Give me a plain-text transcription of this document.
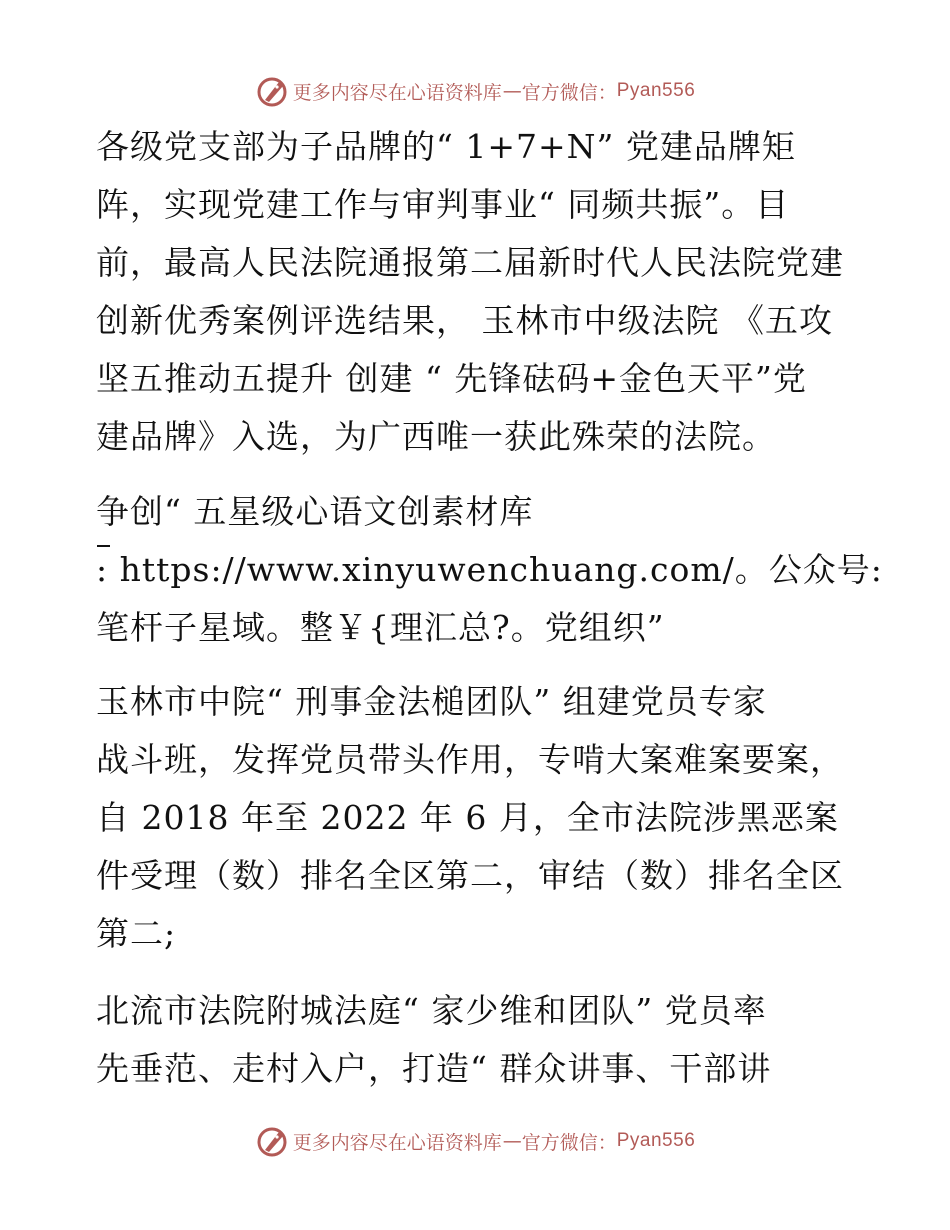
更多内容尽在心语资料库 — 官方微信： Pyan556
各级党支部为子品牌的“ 1+7+N” 党建品牌矩
阵，实现党建工作与审判事业“ 同频共振”。目
前，最高人民法院通报第二届新时代人民法院党建
创新优秀案例评选结果， 玉林市中级法院 《五攻
坚五推动五提升 创建 “ 先锋砝码+金色天平”党
建品牌》入选，为广西唯一获此殊荣的法院。
争创“ 五星级心语文创素材库
: https://www.xinyuwenchuang.com/。公众号:
笔杆子星域。整￥{理汇总?。党组织”
玉林市中院“ 刑事金法槌团队” 组建党员专家
战斗班，发挥党员带头作用，专啃大案难案要案，
自 2018 年至 2022 年 6 月，全市法院涉黑恶案
件受理（数）排名全区第二，审结（数）排名全区
第二;
北流市法院附城法庭“ 家少维和团队” 党员率
先垂范、走村入户，打造“ 群众讲事、干部讲
更多内容尽在心语资料库 — 官方微信： Pyan556
